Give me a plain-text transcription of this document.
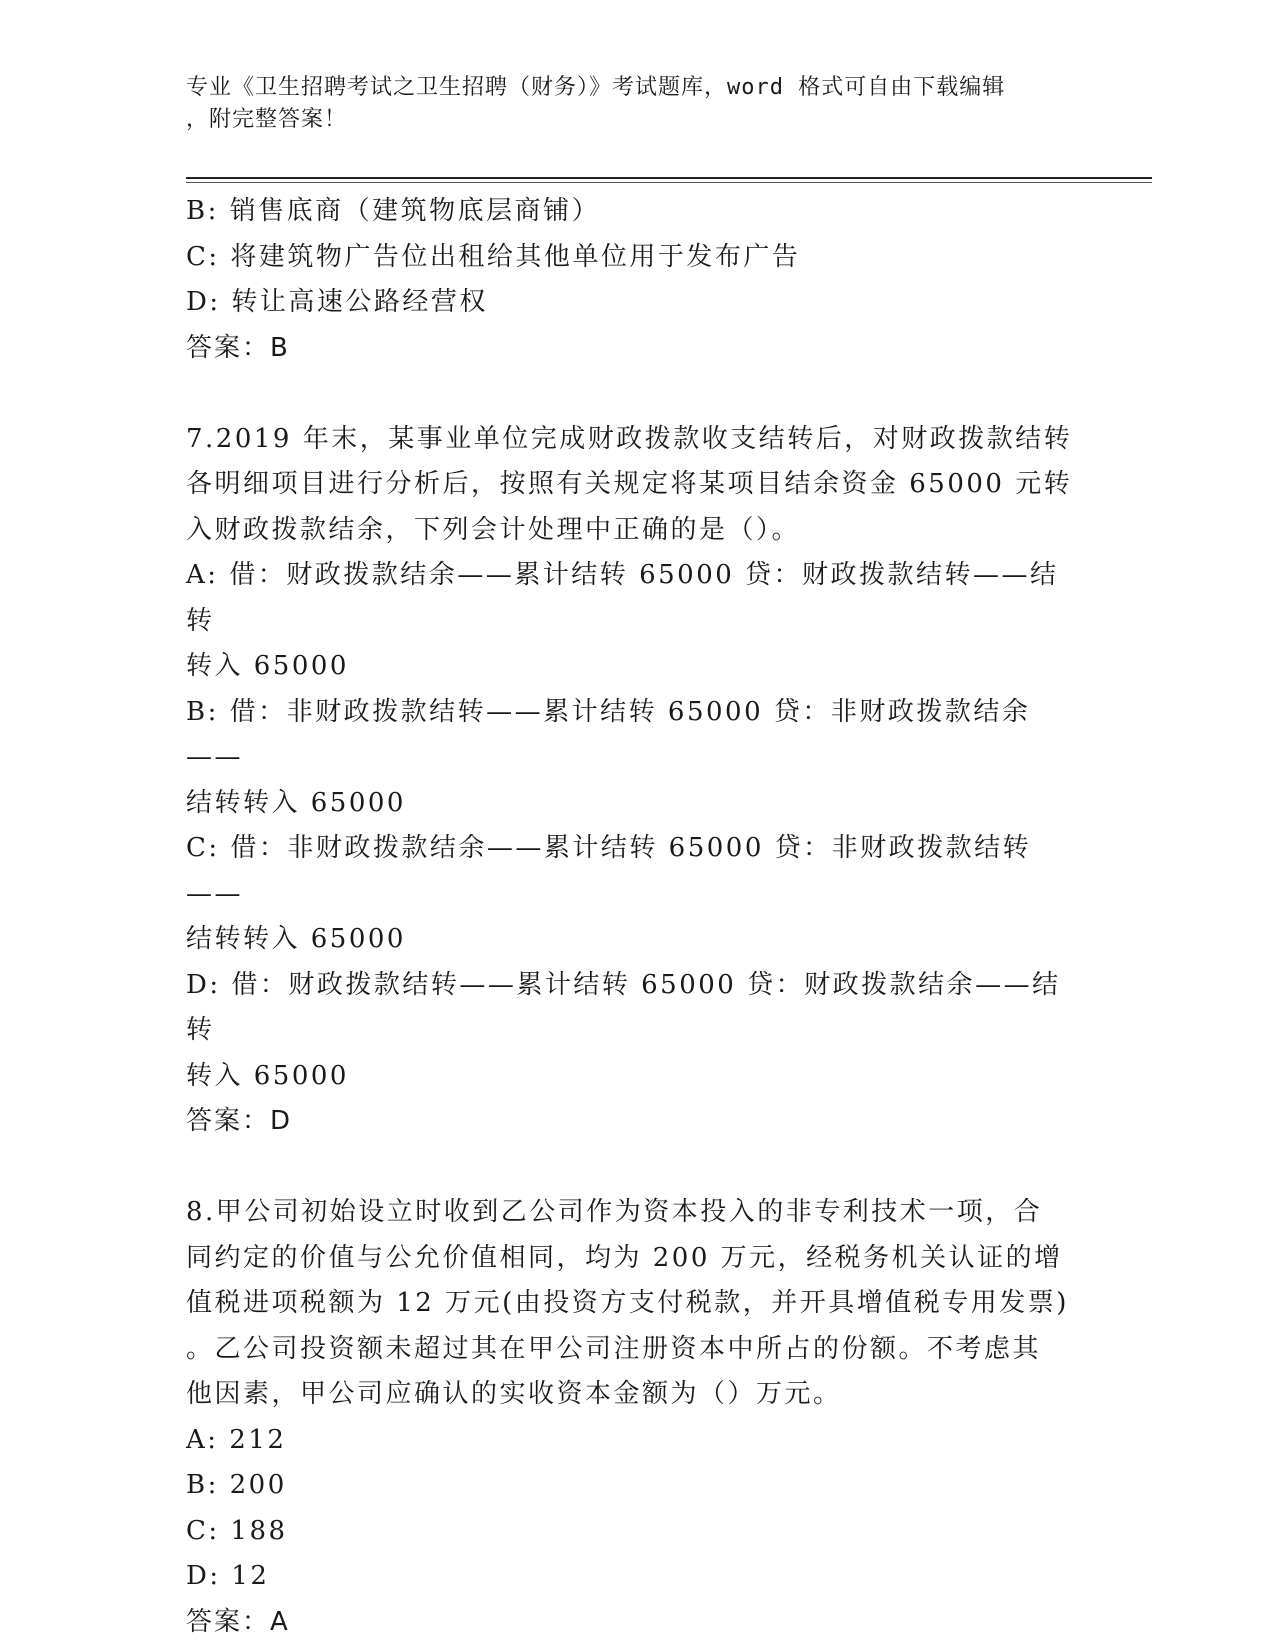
专业《卫生招聘考试之卫生招聘（财务）》考试题库，word 格式可自由下载编辑
，附完整答案！
B: 销售底商（建筑物底层商铺）
C: 将建筑物广告位出租给其他单位用于发布广告
D: 转让高速公路经营权
答案：B
7.2019 年末，某事业单位完成财政拨款收支结转后，对财政拨款结转
各明细项目进行分析后，按照有关规定将某项目结余资金 65000 元转
入财政拨款结余，下列会计处理中正确的是（）。
A: 借：财政拨款结余——累计结转 65000 贷：财政拨款结转——结转
转入 65000
B: 借：非财政拨款结转——累计结转 65000 贷：非财政拨款结余——
结转转入 65000
C: 借：非财政拨款结余——累计结转 65000 贷：非财政拨款结转——
结转转入 65000
D: 借：财政拨款结转——累计结转 65000 贷：财政拨款结余——结转
转入 65000
答案：D
8.甲公司初始设立时收到乙公司作为资本投入的非专利技术一项，合
同约定的价值与公允价值相同，均为 200 万元，经税务机关认证的增
值税进项税额为 12 万元(由投资方支付税款，并开具增值税专用发票)
。乙公司投资额未超过其在甲公司注册资本中所占的份额。不考虑其
他因素，甲公司应确认的实收资本金额为（）万元。
A: 212
B: 200
C: 188
D: 12
答案：A
